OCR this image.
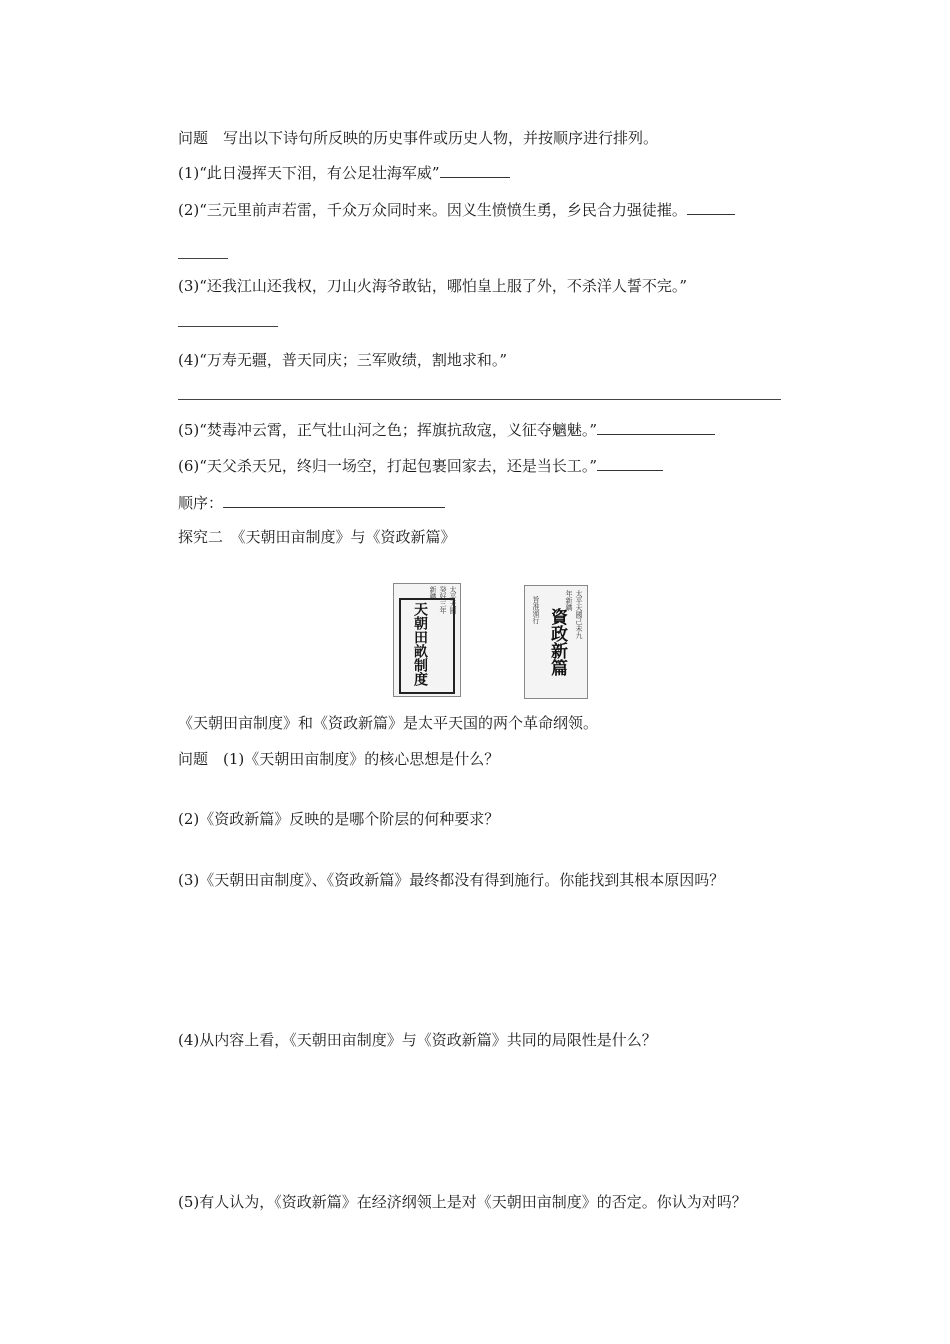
问题　写出以下诗句所反映的历史事件或历史人物，并按顺序进行排列。
(1)“此日漫挥天下泪，有公足壮海军威”
(2)“三元里前声若雷，千众万众同时来。因义生愤愤生勇，乡民合力强徒摧。
(3)“还我江山还我权，刀山火海爷敢钻，哪怕皇上服了外，不杀洋人誓不完。”
(4)“万寿无疆，普天同庆；三军败绩，割地求和。”
(5)“焚毒冲云霄，正气壮山河之色；挥旗抗敌寇，义征夺魑魅。”
(6)“天父杀天兄，终归一场空，打起包裹回家去，还是当长工。”
顺序：
探究二　《天朝田亩制度》与《资政新篇》
太平天國癸好三年新鐫
天朝田畝制度	太平天國己未九年新鐫
旨准頒行 資政新篇
《天朝田亩制度》和《资政新篇》是太平天国的两个革命纲领。
问题　(1)《天朝田亩制度》的核心思想是什么？
(2)《资政新篇》反映的是哪个阶层的何种要求？
(3)《天朝田亩制度》、《资政新篇》最终都没有得到施行。你能找到其根本原因吗？
(4)从内容上看，《天朝田亩制度》与《资政新篇》共同的局限性是什么？
(5)有人认为，《资政新篇》在经济纲领上是对《天朝田亩制度》的否定。你认为对吗？
